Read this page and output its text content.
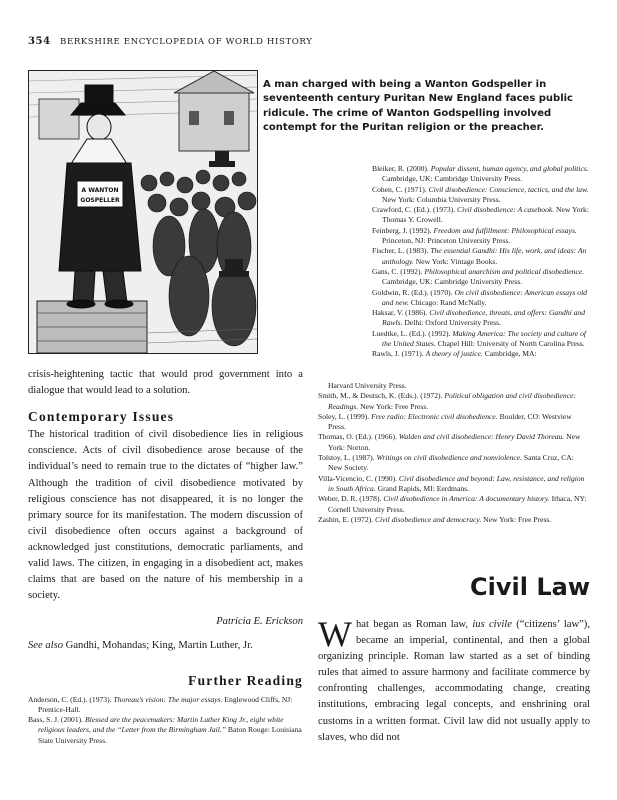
354 BERKSHIRE ENCYCLOPEDIA OF WORLD HISTORY
A WANTON
GOSPELLER
A man charged with being a Wanton Godspeller in seventeenth century Puritan New England faces public ridicule. The crime of Wanton Godspelling involved contempt for the Puritan religion or the preacher.

Bleiker, R. (2000). Popular dissent, human agency, and global politics. Cambridge, UK: Cambridge University Press.

Cohen, C. (1971). Civil disobedience: Conscience, tactics, and the law. New York: Columbia University Press.

Crawford, C. (Ed.). (1973). Civil disobedience: A casebook. New York: Thomas Y. Crowell.

Feinberg, J. (1992). Freedom and fulfillment: Philosophical essays. Princeton, NJ: Princeton University Press.

Fischer, L. (1983). The essential Gandhi: His life, work, and ideas: An anthology. New York: Vintage Books.

Gans, C. (1992). Philosophical anarchism and political disobedience. Cambridge, UK: Cambridge University Press.

Goldwin, R. (Ed.). (1970). On civil disobedience: American essays old and new. Chicago: Rand McNally.

Haksar, V. (1986). Civil disobedience, threats, and offers: Gandhi and Rawls. Delhi: Oxford University Press.

Luedtke, L. (Ed.). (1992). Making America: The society and culture of the United States. Chapel Hill: University of North Carolina Press.

Rawls, J. (1971). A theory of justice. Cambridge, MA:

Harvard University Press.

Smith, M., & Deutsch, K. (Eds.). (1972). Political obligation and civil disobedience: Readings. New York: Free Press.

Soley, L. (1999). Free radio: Electronic civil disobedience. Boulder, CO: Westview Press.

Thomas, O. (Ed.). (1966). Walden and civil disobedience: Henry David Thoreau. New York: Norton.

Tolstoy, L. (1987). Writings on civil disobedience and nonviolence. Santa Cruz, CA: New Society.

Villa-Vicencio, C. (1990). Civil disobedience and beyond: Law, resistance, and religion in South Africa. Grand Rapids, MI: Eerdmans.

Weber, D. R. (1978). Civil disobedience in America: A documentary history. Ithaca, NY: Cornell University Press.

Zashin, E. (1972). Civil disobedience and democracy. New York: Free Press.

crisis-heightening tactic that would prod government into a dialogue that would lead to a solution.

Contemporary Issues

The historical tradition of civil disobedience lies in religious conscience. Acts of civil disobedience arose because of the individual’s need to remain true to the dictates of “higher law.” Although the tradition of civil disobedience motivated by religious conscience has not disappeared, it is no longer the primary source for its manifestation. The modern discussion of civil disobedience often occurs against a background of acknowledged just constitutions, democratic parliaments, and valid laws. The citizen, in engaging in a disobedient act, makes claims that are based on the nature of his membership in a society.

Patricia E. Erickson

See also Gandhi, Mohandas; King, Martin Luther, Jr.

Further Reading

Anderson, C. (Ed.). (1973). Thoreau’s vision: The major essays. Englewood Cliffs, NJ: Prentice-Hall.

Bass, S. J. (2001). Blessed are the peacemakers: Martin Luther King Jr., eight white religious leaders, and the “Letter from the Birmingham Jail.” Baton Rouge: Louisiana State University Press.

Civil Law
What began as Roman law, ius civile (“citizens’ law”), became an imperial, continental, and then a global organizing principle. Roman law started as a set of binding rules that aimed to assure harmony and facilitate commerce by confronting challenges, accommodating change, creating institutions, embracing legal concepts, and enshrining oral customs in a written format. Civil law did not usually apply to slaves, who did not
